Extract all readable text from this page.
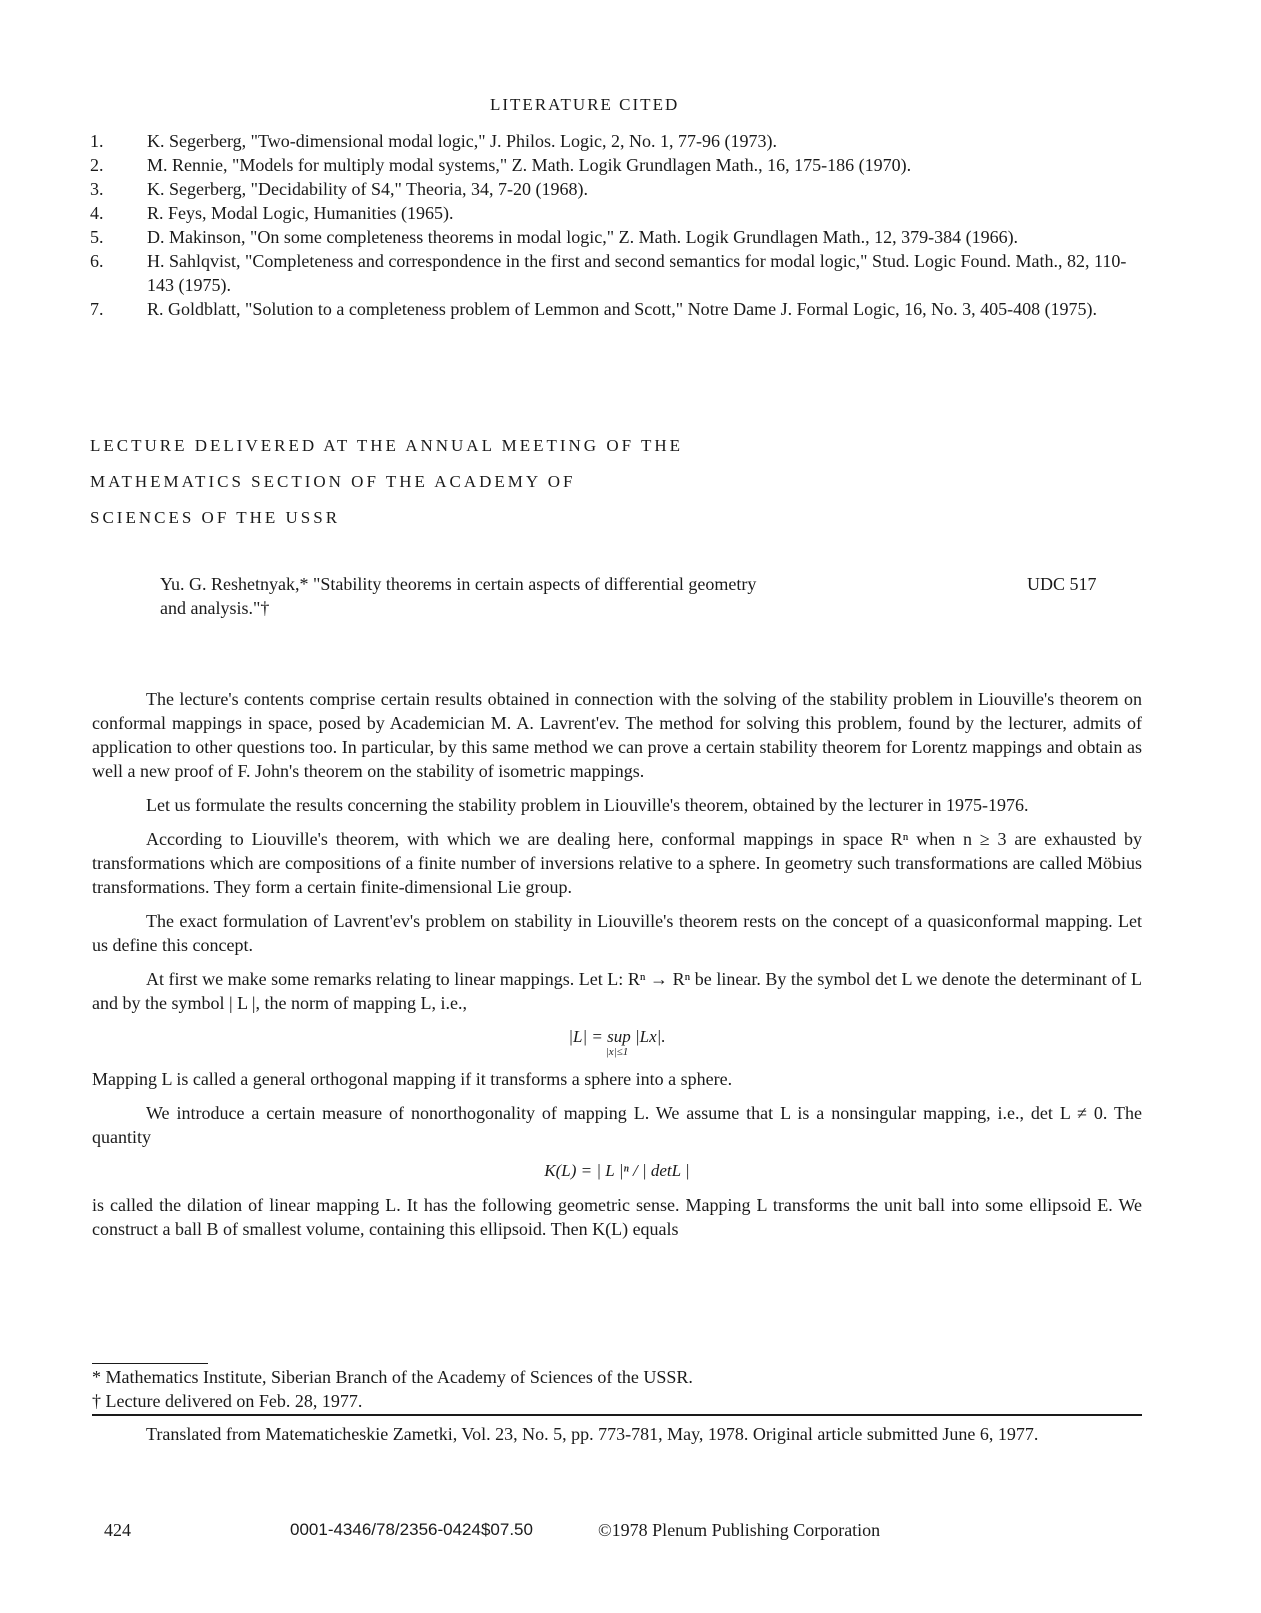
LITERATURE CITED
1. K. Segerberg, "Two-dimensional modal logic," J. Philos. Logic, 2, No. 1, 77-96 (1973).
2. M. Rennie, "Models for multiply modal systems," Z. Math. Logik Grundlagen Math., 16, 175-186 (1970).
3. K. Segerberg, "Decidability of S4," Theoria, 34, 7-20 (1968).
4. R. Feys, Modal Logic, Humanities (1965).
5. D. Makinson, "On some completeness theorems in modal logic," Z. Math. Logik Grundlagen Math., 12, 379-384 (1966).
6. H. Sahlqvist, "Completeness and correspondence in the first and second semantics for modal logic," Stud. Logic Found. Math., 82, 110-143 (1975).
7. R. Goldblatt, "Solution to a completeness problem of Lemmon and Scott," Notre Dame J. Formal Logic, 16, No. 3, 405-408 (1975).
LECTURE DELIVERED AT THE ANNUAL MEETING OF THE
MATHEMATICS SECTION OF THE ACADEMY OF
SCIENCES OF THE USSR
Yu. G. Reshetnyak,* "Stability theorems in certain aspects of differential geometry and analysis."†
UDC 517

The lecture's contents comprise certain results obtained in connection with the solving of the stability problem in Liouville's theorem on conformal mappings in space, posed by Academician M. A. Lavrent'ev. The method for solving this problem, found by the lecturer, admits of application to other questions too. In particular, by this same method we can prove a certain stability theorem for Lorentz mappings and obtain as well a new proof of F. John's theorem on the stability of isometric mappings.

Let us formulate the results concerning the stability problem in Liouville's theorem, obtained by the lecturer in 1975-1976.

According to Liouville's theorem, with which we are dealing here, conformal mappings in space Rⁿ when n ≥ 3 are exhausted by transformations which are compositions of a finite number of inversions relative to a sphere. In geometry such transformations are called Möbius transformations. They form a certain finite-dimensional Lie group.

The exact formulation of Lavrent'ev's problem on stability in Liouville's theorem rests on the concept of a quasiconformal mapping. Let us define this concept.

At first we make some remarks relating to linear mappings. Let L: Rⁿ → Rⁿ be linear. By the symbol det L we denote the determinant of L and by the symbol | L |, the norm of mapping L, i.e.,

|L| = sup |Lx|.
|x|≤1

Mapping L is called a general orthogonal mapping if it transforms a sphere into a sphere.

We introduce a certain measure of nonorthogonality of mapping L. We assume that L is a nonsingular mapping, i.e., det L ≠ 0. The quantity

K(L) = | L |ⁿ / | detL |

is called the dilation of linear mapping L. It has the following geometric sense. Mapping L transforms the unit ball into some ellipsoid E. We construct a ball B of smallest volume, containing this ellipsoid. Then K(L) equals

* Mathematics Institute, Siberian Branch of the Academy of Sciences of the USSR.
† Lecture delivered on Feb. 28, 1977.

Translated from Matematicheskie Zametki, Vol. 23, No. 5, pp. 773-781, May, 1978. Original article submitted June 6, 1977.

424	0001-4346/78/2356-0424$07.50	©1978 Plenum Publishing Corporation
